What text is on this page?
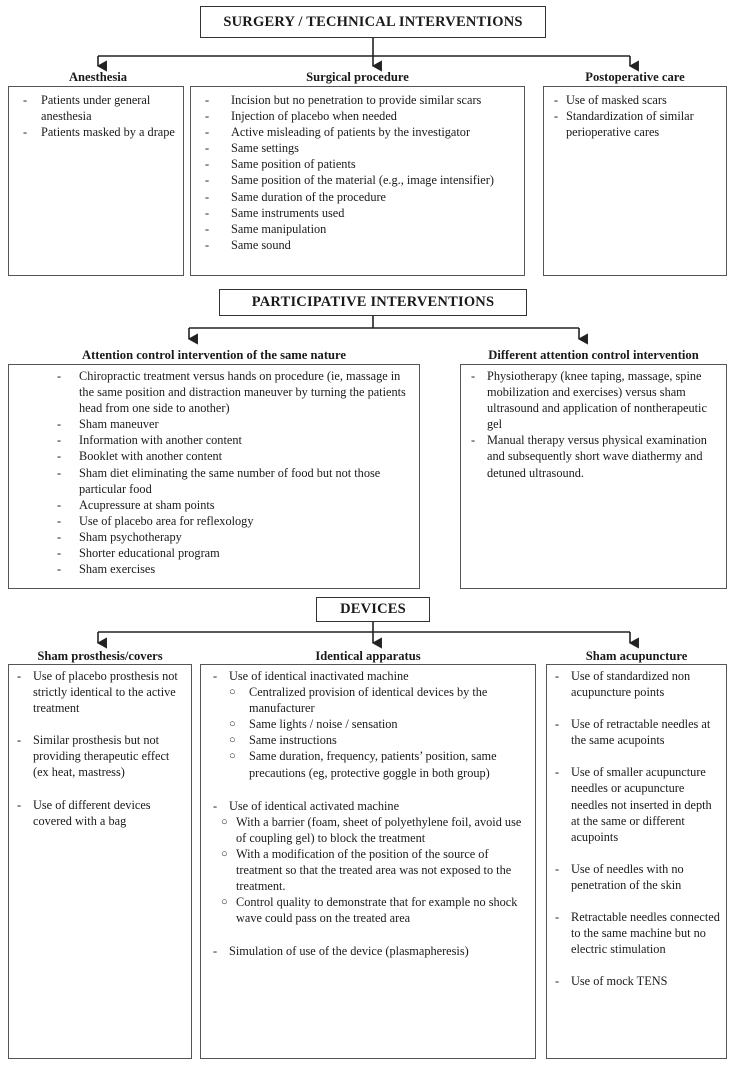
SURGERY / TECHNICAL INTERVENTIONS
Anesthesia
- Patients under general anesthesia
- Patients masked by a drape
Surgical procedure
- Incision but no penetration to provide similar scars
- Injection of placebo when needed
- Active misleading of patients by the investigator
- Same settings
- Same position of patients
- Same position of the material (e.g., image intensifier)
- Same duration of the procedure
- Same instruments used
- Same manipulation
- Same sound
Postoperative care
- Use of masked scars
- Standardization of similar perioperative cares
PARTICIPATIVE INTERVENTIONS
Attention control intervention of the same nature
- Chiropractic treatment versus hands on procedure (ie, massage in the same position and distraction maneuver by turning the patients head from one side to another)
- Sham maneuver
- Information with another content
- Booklet with another content
- Sham diet eliminating the same number of food but not those particular food
- Acupressure at sham points
- Use of placebo area for reflexology
- Sham psychotherapy
- Shorter educational program
- Sham exercises
Different attention control intervention
- Physiotherapy (knee taping, massage, spine mobilization and exercises) versus sham ultrasound and application of nontherapeutic gel
- Manual therapy versus physical examination and subsequently short wave diathermy and detuned ultrasound.
DEVICES
Sham prosthesis/covers
- Use of placebo prosthesis not strictly identical to the active treatment
- Similar prosthesis but not providing therapeutic effect (ex heat, mastress)
- Use of different devices covered with a bag
Identical apparatus
- Use of identical inactivated machine
○ Centralized provision of identical devices by the manufacturer
○ Same lights / noise / sensation
○ Same instructions
○ Same duration, frequency, patients’ position, same precautions (eg, protective goggle in both group)
- Use of identical activated machine
○ With a barrier (foam, sheet of polyethylene foil, avoid use of coupling gel) to block the treatment
○ With a modification of the position of the source of treatment so that the treated area was not exposed to the treatment.
○ Control quality to demonstrate that for example no shock wave could pass on the treated area
- Simulation of use of the device (plasmapheresis)
Sham acupuncture
- Use of standardized non acupuncture points
- Use of retractable needles at the same acupoints
- Use of smaller acupuncture needles or acupuncture needles not inserted in depth at the same or different acupoints
- Use of needles with no penetration of the skin
- Retractable needles connected to the same machine but no electric stimulation
- Use of mock TENS
